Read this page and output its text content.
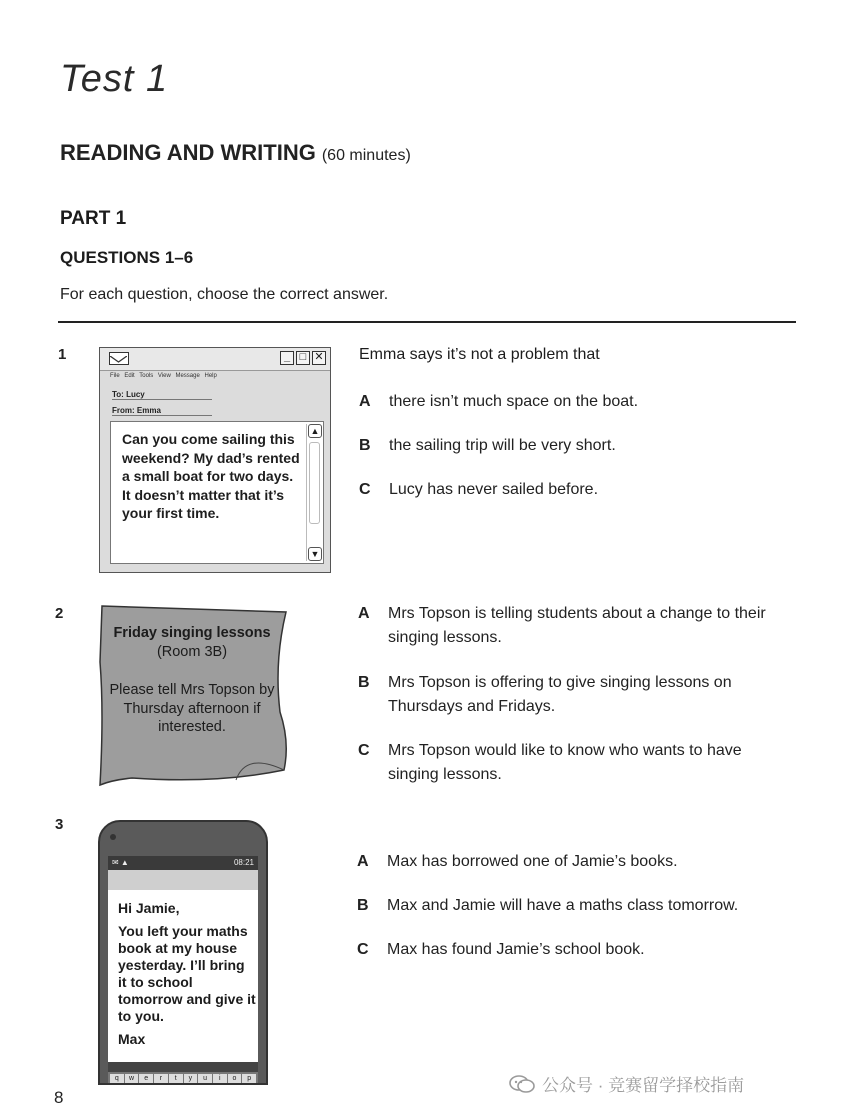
Test 1
READING AND WRITING (60 minutes)
PART 1
QUESTIONS 1–6
For each question, choose the correct answer.
1	_ □ ✕
File Edit Tools View Message Help
To: Lucy
From: Emma
Can you come sailing this weekend? My dad’s rented a small boat for two days. It doesn’t matter that it’s your first time.
▲
▼
Emma says it’s not a problem that
A there isn’t much space on the boat.
B the sailing trip will be very short.
C Lucy has never sailed before.
2
Friday singing lessons
(Room 3B)
Please tell Mrs Topson by Thursday afternoon if interested.
A Mrs Topson is telling students about a change to their singing lessons.
B Mrs Topson is offering to give singing lessons on Thursdays and Fridays.
C Mrs Topson would like to know who wants to have singing lessons.
3
✉ ▲	08:21

Hi Jamie,

You left your maths book at my house yesterday. I’ll bring it to school tomorrow and give it to you.

Max

q	w	e	r	t	y	u	i	o	p
A Max has borrowed one of Jamie’s books.
B Max and Jamie will have a maths class tomorrow.
C Max has found Jamie’s school book.
8
公众号 · 竞赛留学择校指南
